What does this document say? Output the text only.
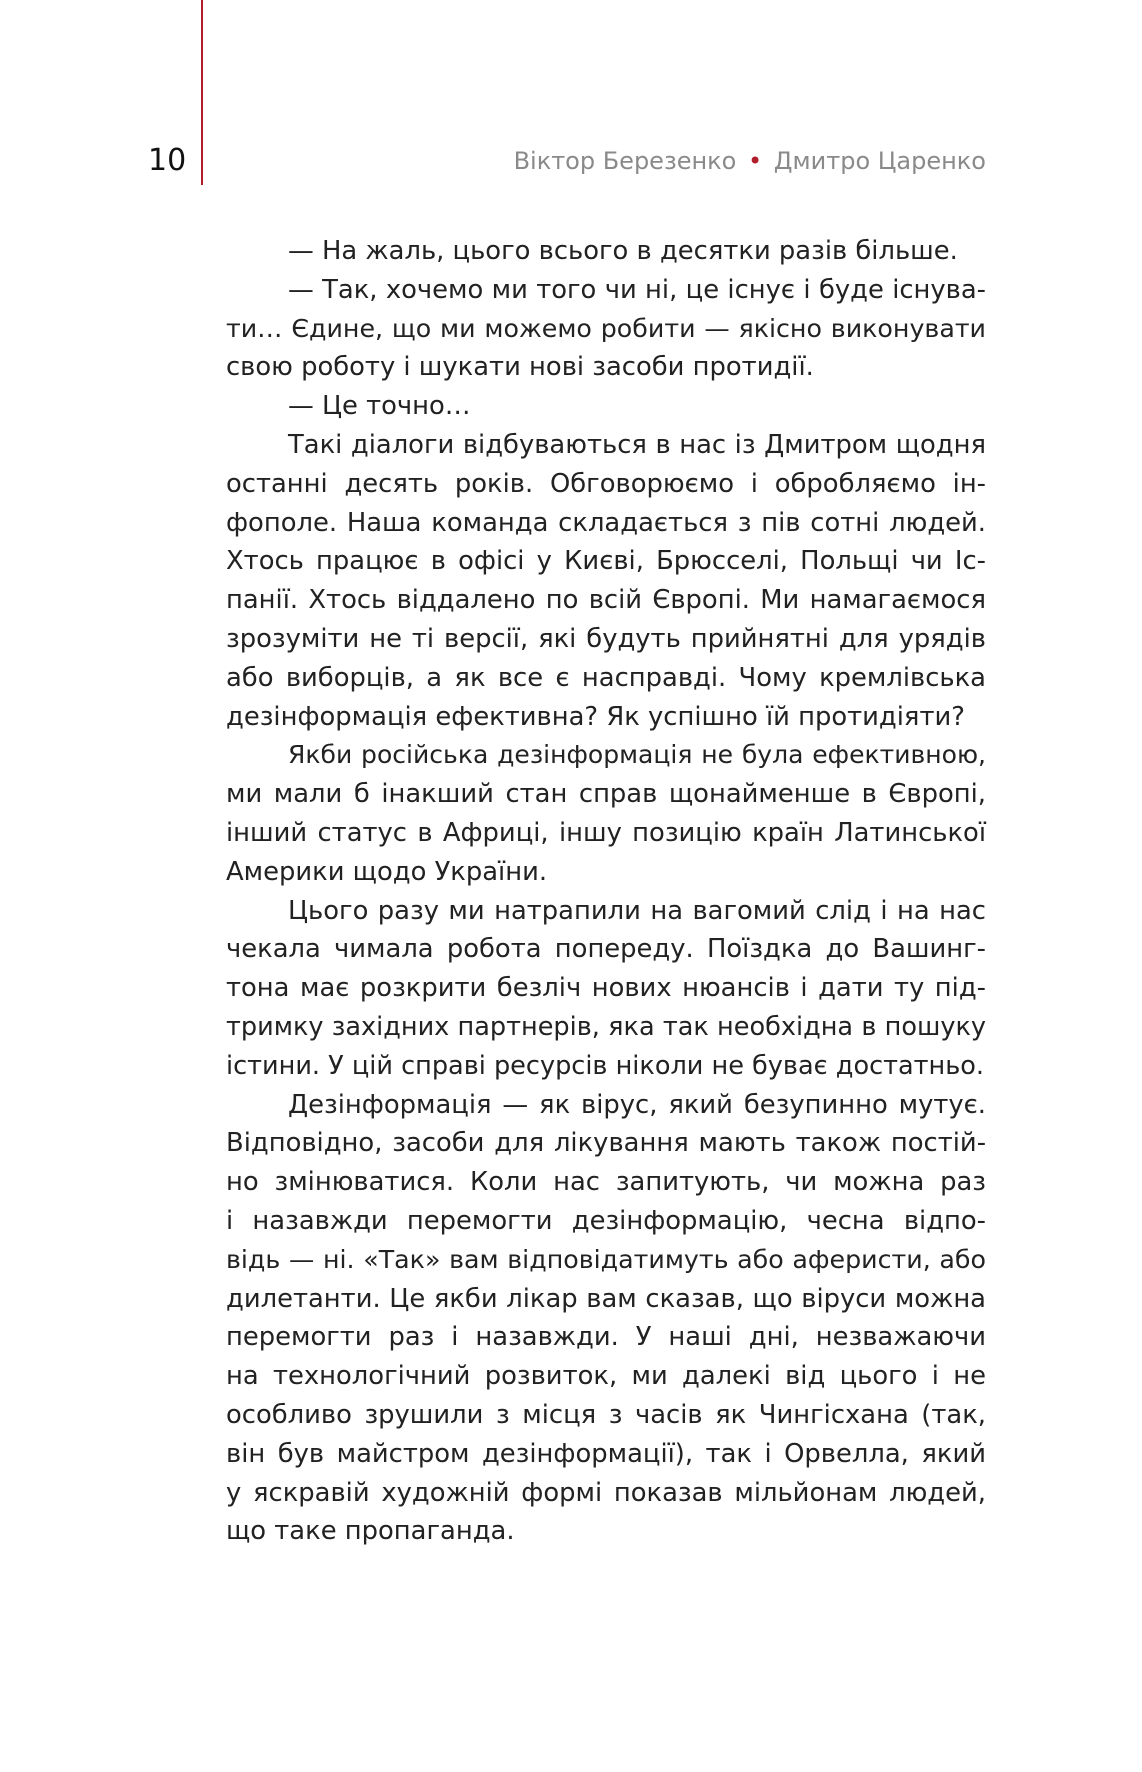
10	Віктор Березенко • Дмитро Царенко
— На жаль, цього всього в десятки разів більше.
— Так, хочемо ми того чи ні, це існує і буде існува-
ти… Єдине, що ми можемо робити — якісно виконувати
свою роботу і шукати нові засоби протидії.
— Це точно…
Такі діалоги відбуваються в нас із Дмитром щодня
останні десять років. Обговорюємо і обробляємо ін-
фополе. Наша команда складається з пів сотні людей.
Хтось працює в офісі у Києві, Брюсселі, Польщі чи Іс-
панії. Хтось віддалено по всій Європі. Ми намагаємося
зрозуміти не ті версії, які будуть прийнятні для урядів
або виборців, а як все є насправді. Чому кремлівська
дезінформація ефективна? Як успішно їй протидіяти?
Якби російська дезінформація не була ефективною,
ми мали б інакший стан справ щонайменше в Європі,
інший статус в Африці, іншу позицію країн Латинської
Америки щодо України.
Цього разу ми натрапили на вагомий слід і на нас
чекала чимала робота попереду. Поїздка до Вашинг-
тона має розкрити безліч нових нюансів і дати ту під-
тримку західних партнерів, яка так необхідна в пошуку
істини. У цій справі ресурсів ніколи не буває достатньо.
Дезінформація — як вірус, який безупинно мутує.
Відповідно, засоби для лікування мають також постій-
но змінюватися. Коли нас запитують, чи можна раз
і назавжди перемогти дезінформацію, чесна відпо-
відь — ні. «Так» вам відповідатимуть або аферисти, або
дилетанти. Це якби лікар вам сказав, що віруси можна
перемогти раз і назавжди. У наші дні, незважаючи
на технологічний розвиток, ми далекі від цього і не
особливо зрушили з місця з часів як Чингісхана (так,
він був майстром дезінформації), так і Орвелла, який
у яскравій художній формі показав мільйонам людей,
що таке пропаганда.
